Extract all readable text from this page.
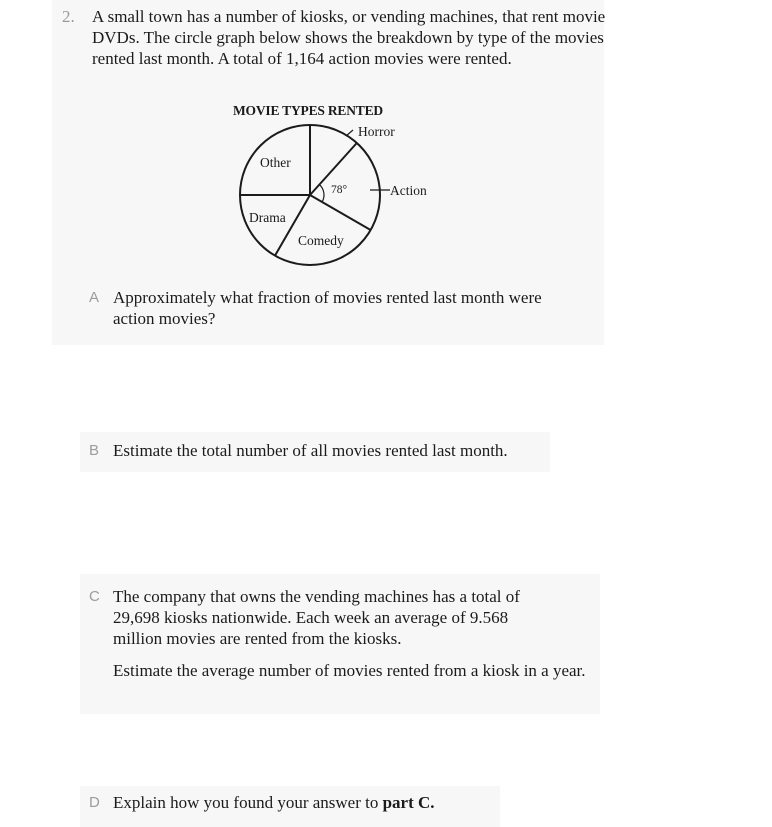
2. A small town has a number of kiosks, or vending machines, that rent movie DVDs. The circle graph below shows the breakdown by type of the movies rented last month. A total of 1,164 action movies were rented.
MOVIE TYPES RENTED
Horror
Action
Comedy
Drama
Other
78°
A Approximately what fraction of movies rented last month were action movies?
B Estimate the total number of all movies rented last month.
C The company that owns the vending machines has a total of 29,698 kiosks nationwide. Each week an average of 9.568 million movies are rented from the kiosks.

Estimate the average number of movies rented from a kiosk in a year.

D Explain how you found your answer to part C.
